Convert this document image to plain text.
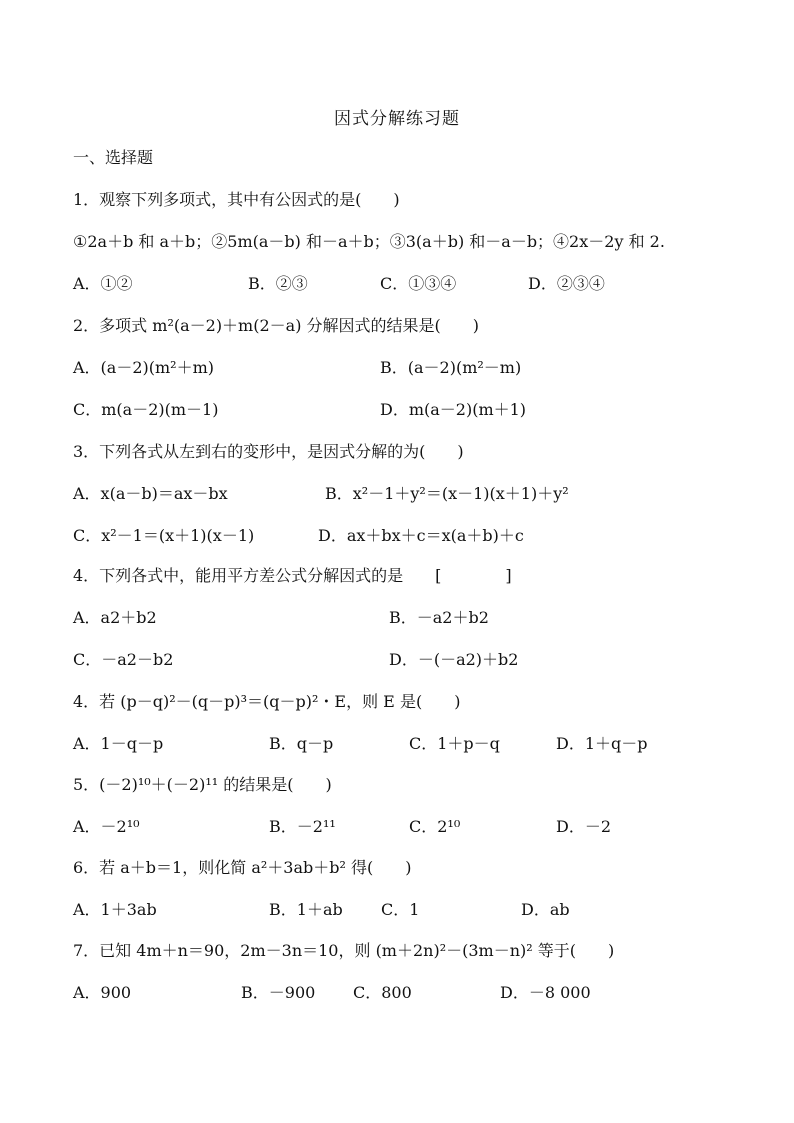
因式分解练习题
一、选择题
1．观察下列多项式，其中有公因式的是(　　)
①2a＋b 和 a＋b；②5m(a－b) 和－a＋b；③3(a＋b) 和－a－b；④2x－2y 和 2.
A．①②	B．②③	C．①③④	D．②③④
2．多项式 m²(a－2)＋m(2－a) 分解因式的结果是(　　)
A．(a－2)(m²＋m)	B．(a－2)(m²－m)
C．m(a－2)(m－1)	D．m(a－2)(m＋1)
3．下列各式从左到右的变形中，是因式分解的为(　　)
A．x(a－b)＝ax－bx	B．x²－1＋y²＝(x－1)(x＋1)＋y²
C．x²－1＝(x＋1)(x－1)	D．ax＋bx＋c＝x(a＋b)＋c
4．下列各式中，能用平方差公式分解因式的是　　[　　　　]
A．a2＋b2	B．－a2＋b2
C．－a2－b2	D．－(－a2)＋b2
4．若 (p－q)²－(q－p)³＝(q－p)²・E，则 E 是(　　)
A．1－q－p	B．q－p	C．1＋p－q	D．1＋q－p
5．(－2)¹⁰＋(－2)¹¹ 的结果是(　　)
A．－2¹⁰	B．－2¹¹	C．2¹⁰	D．－2
6．若 a＋b＝1，则化简 a²＋3ab＋b² 得(　　)
A．1＋3ab	B．1＋ab C．1	D．ab
7．已知 4m＋n＝90，2m－3n＝10，则 (m＋2n)²－(3m－n)² 等于(　　)
A．900	B．－900 C．800	D．－8 000
